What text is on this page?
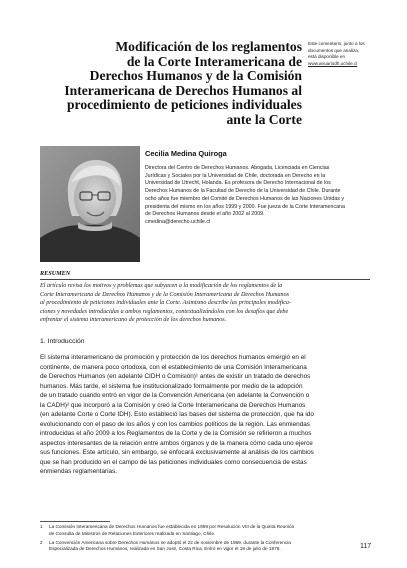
Modificación de los reglamentos
de la Corte Interamericana de
Derechos Humanos y de la Comisión
Interamericana de Derechos Humanos al
procedimiento de peticiones individuales
ante la Corte
Este comentario, junto a los
documentos que analiza,
está disponible en
www.anuariodh.uchile.cl
Cecilia Medina Quiroga
Directora del Centro de Derechos Humanos. Abogada, Licenciada en Ciencias
Jurídicas y Sociales por la Universidad de Chile, doctorada en Derecho en la
Universidad de Utrecht, Holanda. Es profesora de Derecho Internacional de los
Derechos Humanos de la Facultad de Derecho de la Universidad de Chile. Durante
ocho años fue miembro del Comité de Derechos Humanos de las Naciones Unidas y
presidenta del mismo en los años 1999 y 2000. Fue jueza de la Corte Interamericana
de Derechos Humanos desde el año 2002 al 2009.
cmedina@derecho.uchile.cl
RESUMEN
El artículo revisa los motivos y problemas que subyacen a la modificación de los reglamentos de la
Corte Interamericana de Derechos Humanos y de la Comisión Interamericana de Derechos Humanos
al procedimiento de peticiones individuales ante la Corte. Asimismo describe las principales modifica-
ciones y novedades introducidas a ambos reglamentos, contextualizándolos con los desafíos que debe
enfrentar el sistema interamericano de protección de los derechos humanos.
1. Introducción
El sistema interamericano de promoción y protección de los derechos humanos emergió en el
continente, de manera poco ortodoxa, con el establecimiento de una Comisión Interamericana
de Derechos Humanos (en adelante CIDH o Comisión)¹ antes de existir un tratado de derechos
humanos. Más tarde, el sistema fue institucionalizado formalmente por medio de la adopción
de un tratado cuando entró en vigor de la Convención Americana (en adelante la Convención o
la CADH)² que incorporó a la Comisión y creó la Corte Interamericana de Derechos Humanos
(en adelante Corte o Corte IDH). Esto estableció las bases del sistema de protección, que ha ido
evolucionando con el paso de los años y con los cambios políticos de la región. Las enmiendas
introducidas el año 2009 a los Reglamentos de la Corte y de la Comisión se refirieron a muchos
aspectos interesantes de la relación entre ambos órganos y de la manera cómo cada uno ejerce
sus funciones. Este artículo, sin embargo, se enfocará exclusivamente al análisis de los cambios
que se han producido en el campo de las peticiones individuales como consecuencia de estas
enmiendas reglamentarias.
1	La Comisión Interamericana de Derechos Humanos fue establecida en 1959 por Resolución VIII de la Quinta Reunión
de Consulta de Ministros de Relaciones Exteriores realizada en Santiago, Chile.
2	La Convención Americana sobre Derechos Humanos se adoptó el 22 de noviembre de 1969, durante la Conferencia
Especializada de Derechos Humanos, realizada en San José, Costa Rica. Entró en vigor el 18 de julio de 1978.	117
